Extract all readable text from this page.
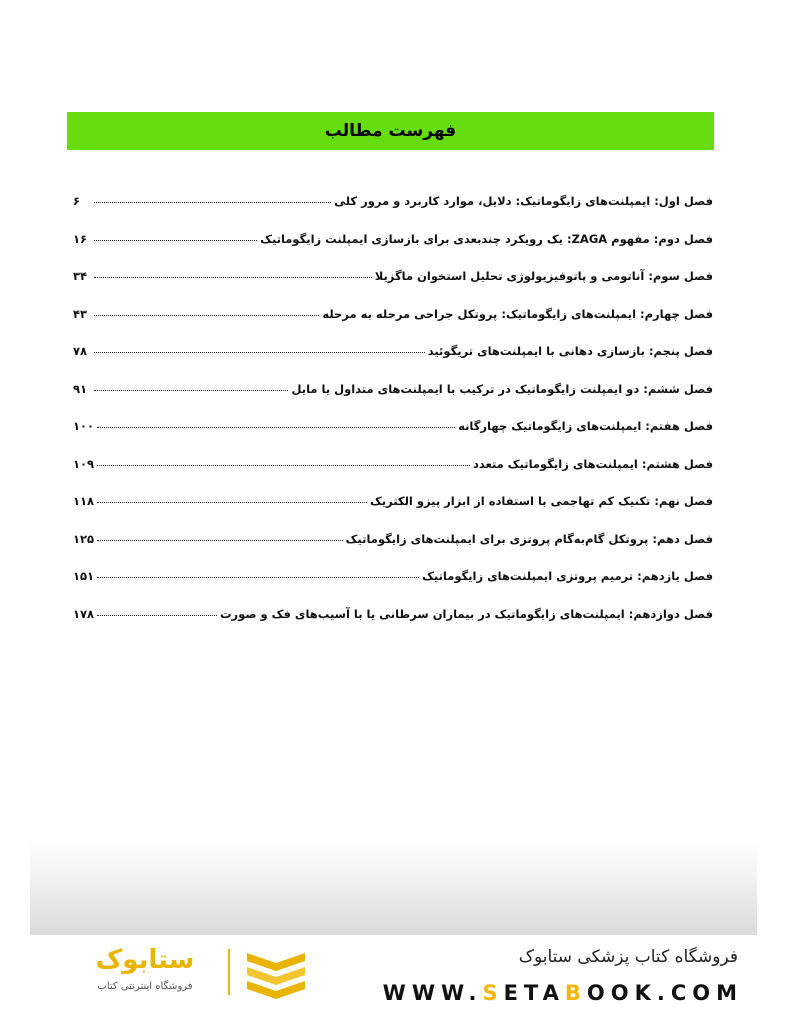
فهرست مطالب
فصل اول: ایمپلنت‌های زایگوماتیک: دلایل، موارد کاربرد و مرور کلی
۶
فصل دوم: مفهوم ZAGA: یک رویکرد چندبعدی برای بازسازی ایمپلنت زایگوماتیک
۱۶
فصل سوم: آناتومی و پاتوفیزیولوژی تحلیل استخوان ماگزیلا
۳۴
فصل چهارم: ایمپلنت‌های زایگوماتیک: پروتکل جراحی مرحله به مرحله
۴۳
فصل پنجم: بازسازی دهانی با ایمپلنت‌های تریگوئید
۷۸
فصل ششم: دو ایمپلنت زایگوماتیک در ترکیب با ایمپلنت‌های متداول یا مایل
۹۱
فصل هفتم: ایمپلنت‌های زایگوماتیک چهارگانه
۱۰۰
فصل هشتم: ایمپلنت‌های زایگوماتیک متعدد
۱۰۹
فصل نهم: تکنیک کم تهاجمی با استفاده از ابزار پیزو الکتریک
۱۱۸
فصل دهم: پروتکل گام‌به‌گام پروتزی برای ایمپلنت‌های زایگوماتیک
۱۲۵
فصل یازدهم: ترمیم پروتزی ایمپلنت‌های زایگوماتیک
۱۵۱
فصل دوازدهم: ایمپلنت‌های زایگوماتیک در بیماران سرطانی یا با آسیب‌های فک و صورت
۱۷۸
ستابوک
فروشگاه اینترنتی کتاب
فروشگاه کتاب پزشکی ستابوک
WWW.SETABOOK.COM
